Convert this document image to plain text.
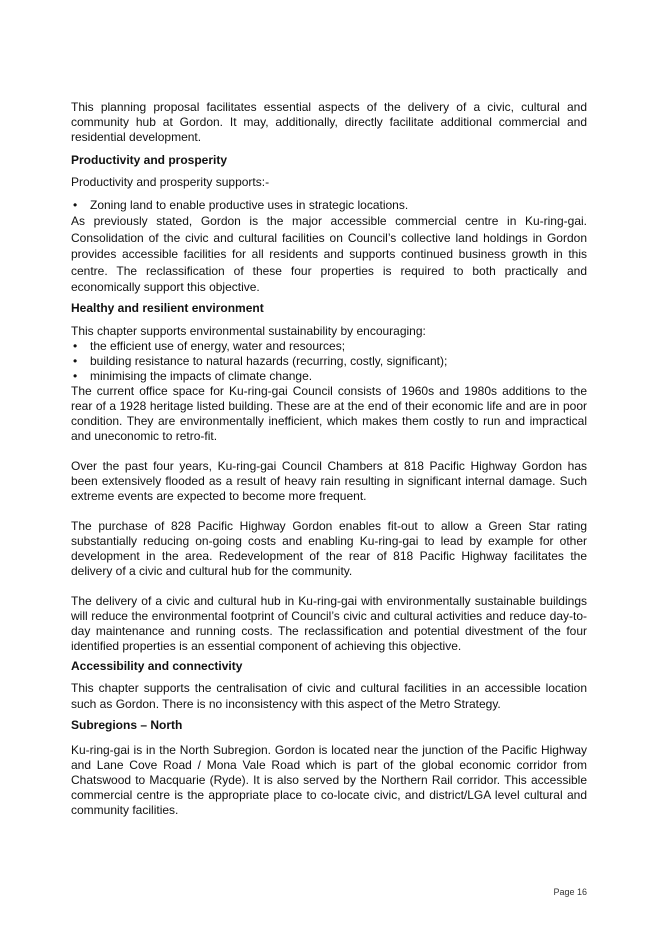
This planning proposal facilitates essential aspects of the delivery of a civic, cultural and community hub at Gordon. It may, additionally, directly facilitate additional commercial and residential development.

Productivity and prosperity

Productivity and prosperity supports:-

• Zoning land to enable productive uses in strategic locations.

As previously stated, Gordon is the major accessible commercial centre in Ku-ring-gai. Consolidation of the civic and cultural facilities on Council’s collective land holdings in Gordon provides accessible facilities for all residents and supports continued business growth in this centre. The reclassification of these four properties is required to both practically and economically support this objective.

Healthy and resilient environment

This chapter supports environmental sustainability by encouraging:

• the efficient use of energy, water and resources;
• building resistance to natural hazards (recurring, costly, significant);
• minimising the impacts of climate change.

The current office space for Ku-ring-gai Council consists of 1960s and 1980s additions to the rear of a 1928 heritage listed building. These are at the end of their economic life and are in poor condition. They are environmentally inefficient, which makes them costly to run and impractical and uneconomic to retro-fit.

Over the past four years, Ku-ring-gai Council Chambers at 818 Pacific Highway Gordon has been extensively flooded as a result of heavy rain resulting in significant internal damage. Such extreme events are expected to become more frequent.

The purchase of 828 Pacific Highway Gordon enables fit-out to allow a Green Star rating substantially reducing on-going costs and enabling Ku-ring-gai to lead by example for other development in the area. Redevelopment of the rear of 818 Pacific Highway facilitates the delivery of a civic and cultural hub for the community.

The delivery of a civic and cultural hub in Ku-ring-gai with environmentally sustainable buildings will reduce the environmental footprint of Council’s civic and cultural activities and reduce day-to-day maintenance and running costs. The reclassification and potential divestment of the four identified properties is an essential component of achieving this objective.

Accessibility and connectivity

This chapter supports the centralisation of civic and cultural facilities in an accessible location such as Gordon. There is no inconsistency with this aspect of the Metro Strategy.

Subregions – North

Ku-ring-gai is in the North Subregion. Gordon is located near the junction of the Pacific Highway and Lane Cove Road / Mona Vale Road which is part of the global economic corridor from Chatswood to Macquarie (Ryde). It is also served by the Northern Rail corridor. This accessible commercial centre is the appropriate place to co-locate civic, and district/LGA level cultural and community facilities.

Page 16
